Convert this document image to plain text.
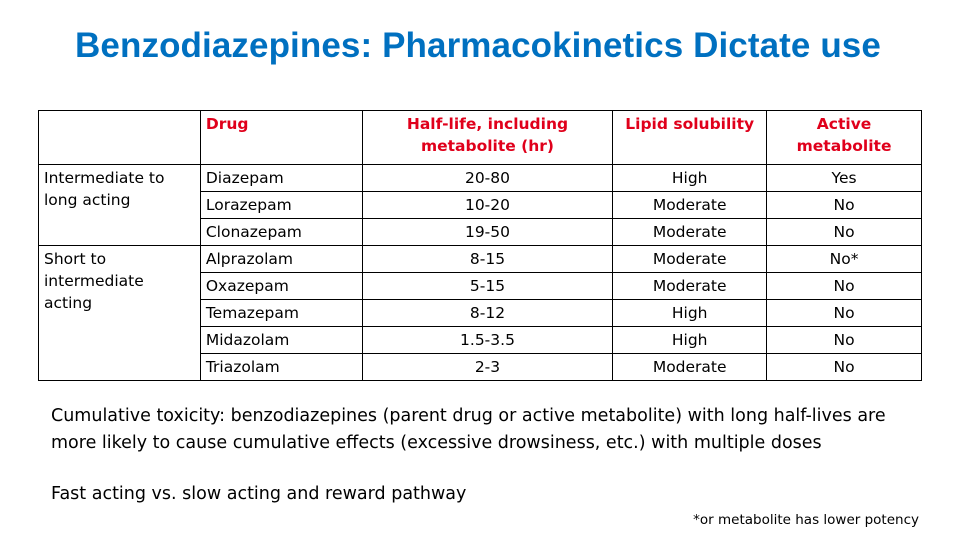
Benzodiazepines: Pharmacokinetics Dictate use
	Drug	Half-life, including metabolite (hr)	Lipid solubility	Active metabolite
Intermediate to long acting	Diazepam	20-80	High	Yes
	Lorazepam	10-20	Moderate	No
	Clonazepam	19-50	Moderate	No
Short to intermediate acting	Alprazolam	8-15	Moderate	No*
	Oxazepam	5-15	Moderate	No
	Temazepam	8-12	High	No
	Midazolam	1.5-3.5	High	No
	Triazolam	2-3	Moderate	No
Cumulative toxicity: benzodiazepines (parent drug or active metabolite) with long half-lives are more likely to cause cumulative effects (excessive drowsiness, etc.) with multiple doses
Fast acting vs. slow acting and reward pathway
*or metabolite has lower potency
